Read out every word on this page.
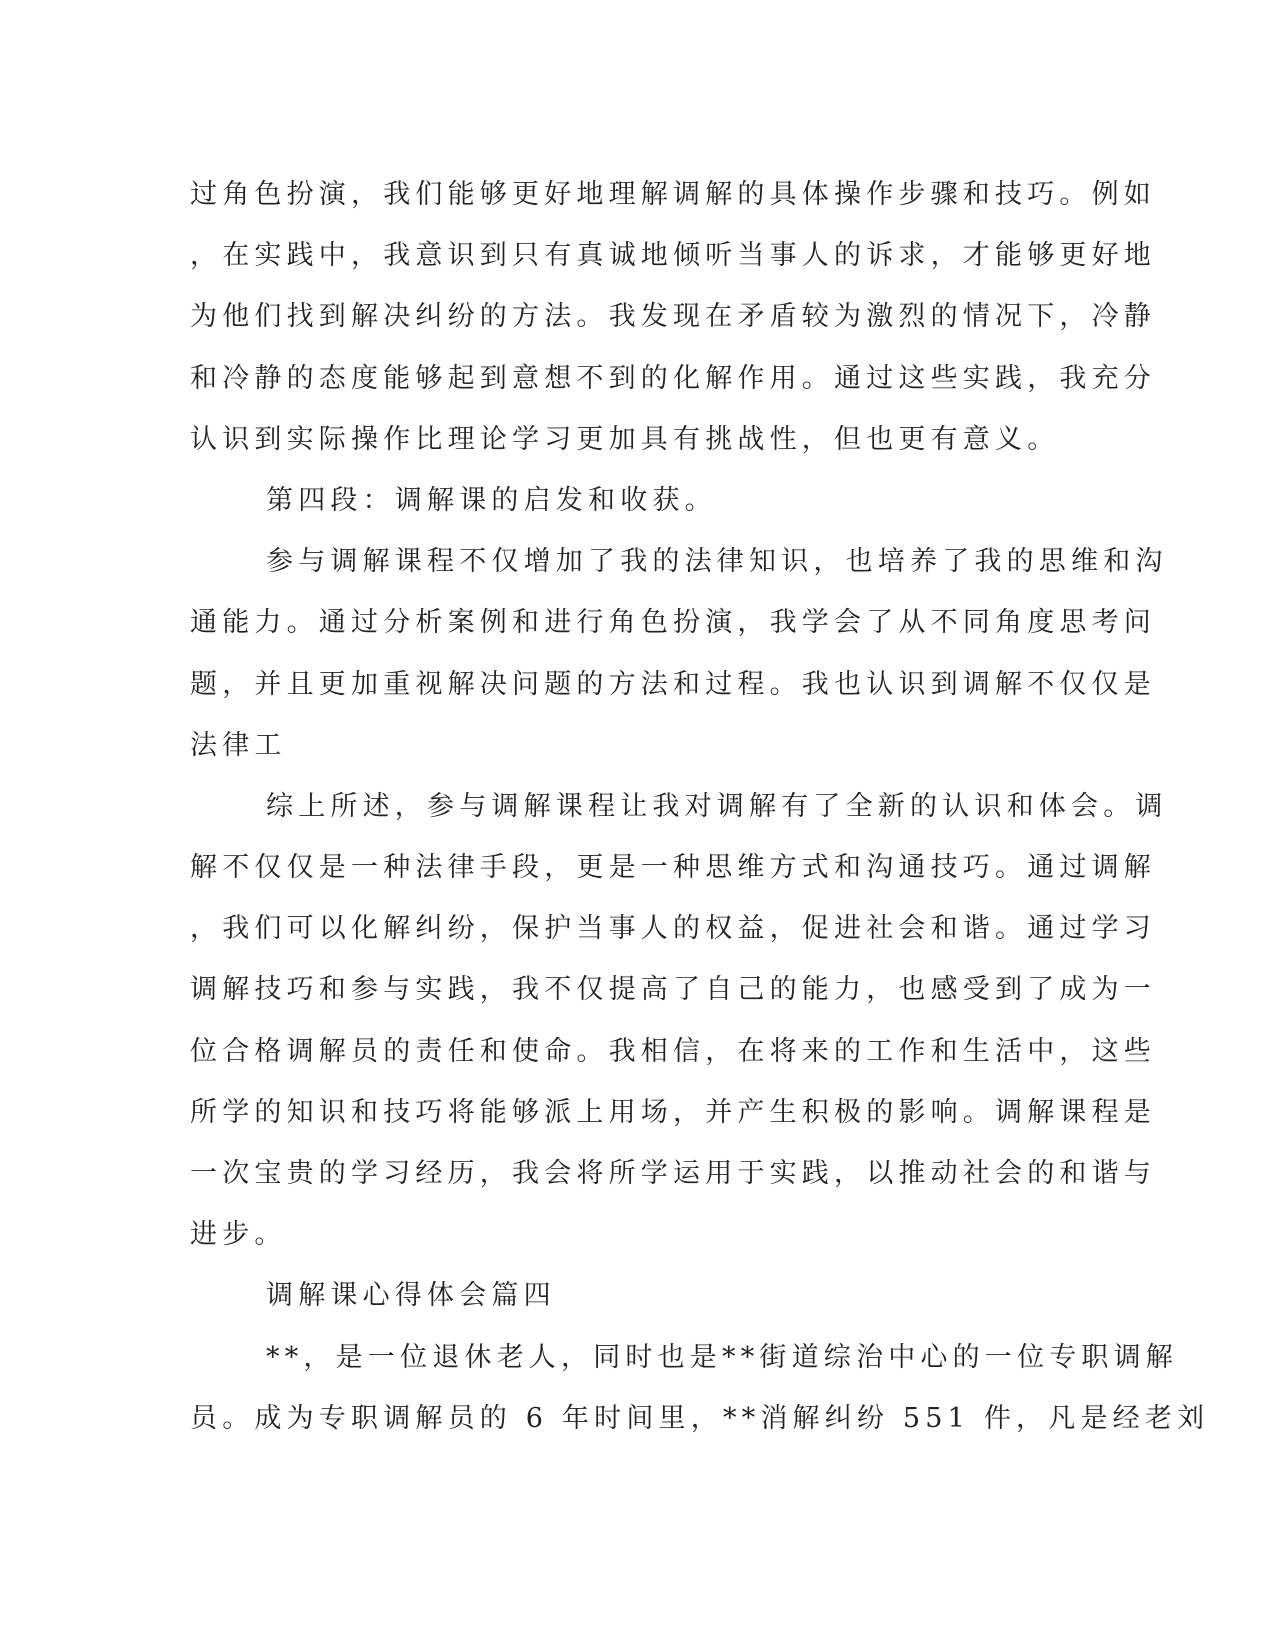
过角色扮演，我们能够更好地理解调解的具体操作步骤和技巧。例如

，在实践中，我意识到只有真诚地倾听当事人的诉求，才能够更好地

为他们找到解决纠纷的方法。我发现在矛盾较为激烈的情况下，冷静

和冷静的态度能够起到意想不到的化解作用。通过这些实践，我充分

认识到实际操作比理论学习更加具有挑战性，但也更有意义。

第四段：调解课的启发和收获。

参与调解课程不仅增加了我的法律知识，也培养了我的思维和沟

通能力。通过分析案例和进行角色扮演，我学会了从不同角度思考问

题，并且更加重视解决问题的方法和过程。我也认识到调解不仅仅是

法律工

综上所述，参与调解课程让我对调解有了全新的认识和体会。调

解不仅仅是一种法律手段，更是一种思维方式和沟通技巧。通过调解

，我们可以化解纠纷，保护当事人的权益，促进社会和谐。通过学习

调解技巧和参与实践，我不仅提高了自己的能力，也感受到了成为一

位合格调解员的责任和使命。我相信，在将来的工作和生活中，这些

所学的知识和技巧将能够派上用场，并产生积极的影响。调解课程是

一次宝贵的学习经历，我会将所学运用于实践，以推动社会的和谐与

进步。

调解课心得体会篇四

**，是一位退休老人，同时也是**街道综治中心的一位专职调解

员。成为专职调解员的 6 年时间里，**消解纠纷 551 件，凡是经老刘
